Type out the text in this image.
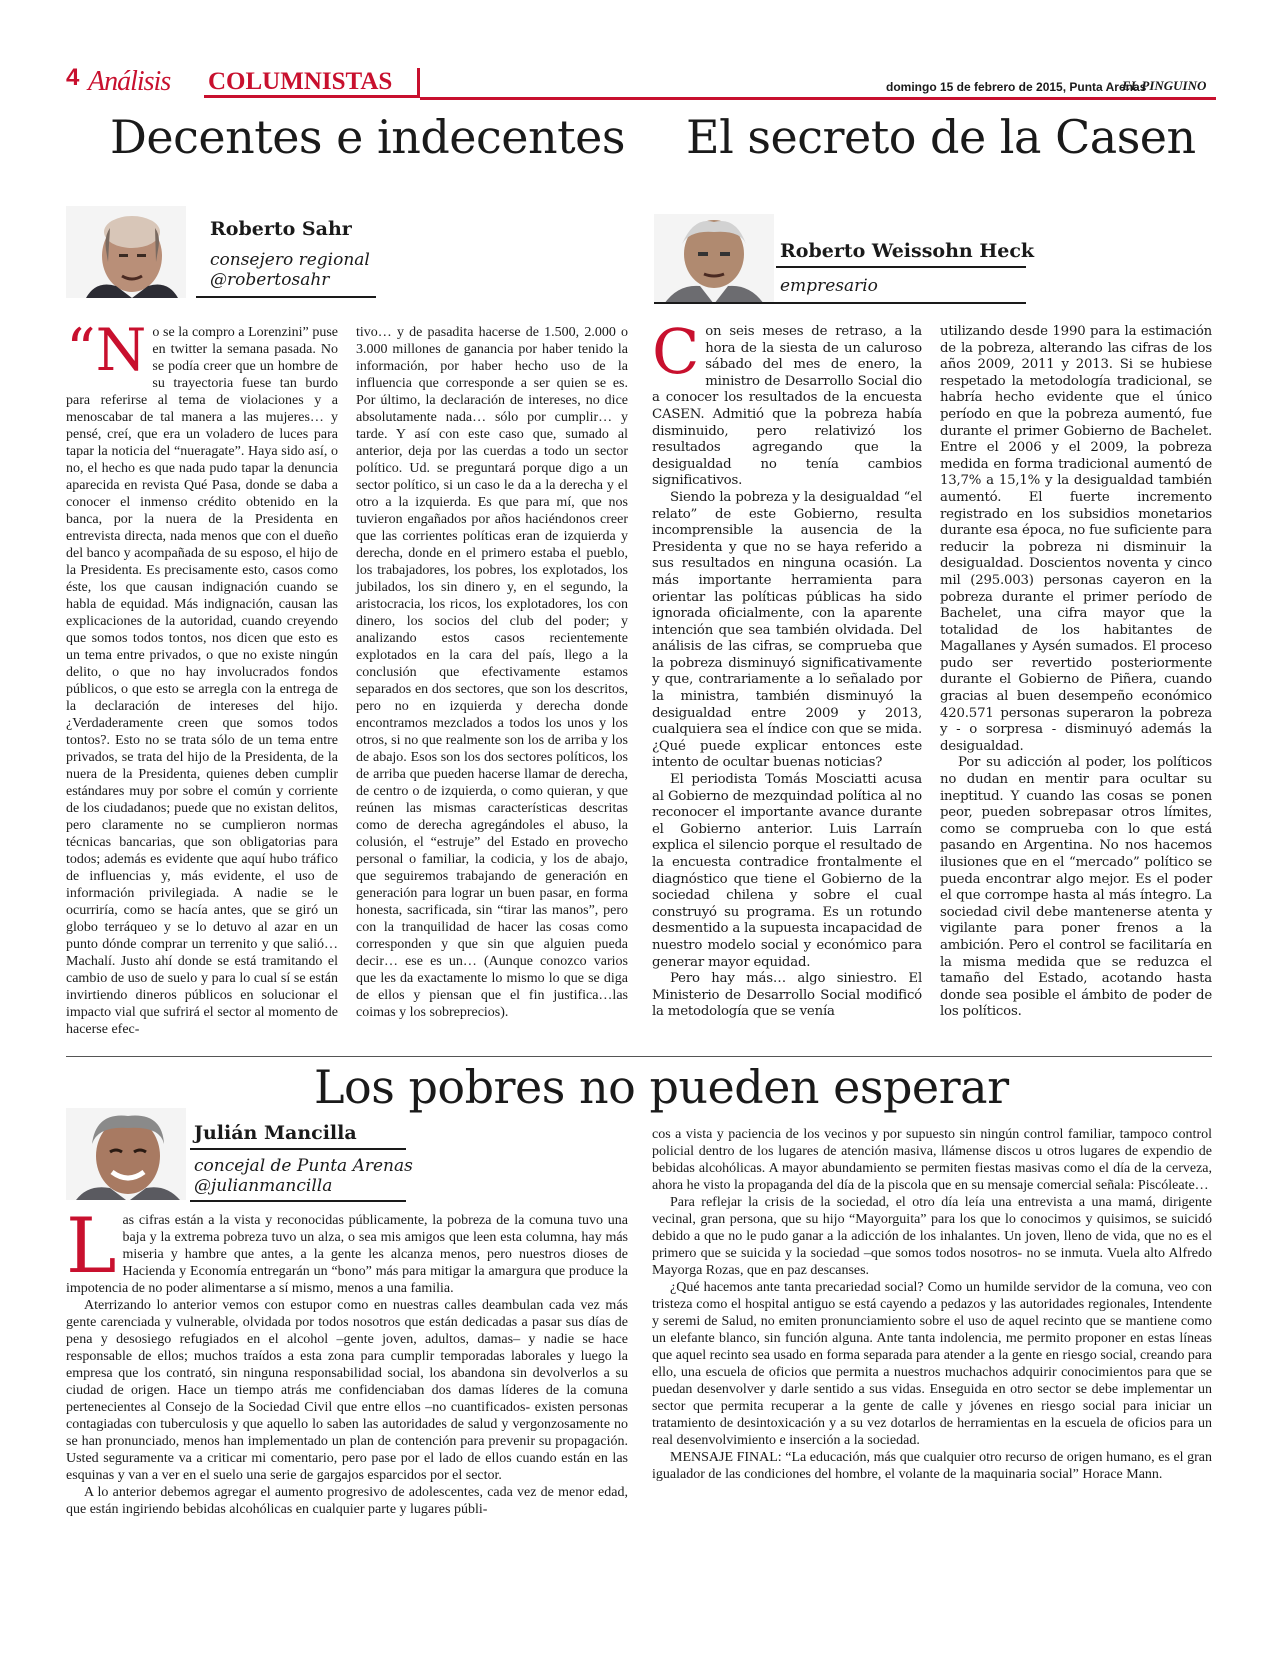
4 Análisis COLUMNISTAS	domingo 15 de febrero de 2015, Punta Arenas
EL PINGUINO
Decentes e indecentes
Roberto Sahr
consejero regional
@robertosahr
“N o se la compro a Lorenzini” puse en twitter la semana pasada. No se podía creer que un hombre de su trayectoria fuese tan burdo para referirse al tema de violaciones y a menoscabar de tal manera a las mujeres… y pensé, creí, que era un voladero de luces para tapar la noticia del “nueragate”. Haya sido así, o no, el hecho es que nada pudo tapar la denuncia aparecida en revista Qué Pasa, donde se daba a conocer el inmenso crédito obtenido en la banca, por la nuera de la Presidenta en entrevista directa, nada menos que con el dueño del banco y acompañada de su esposo, el hijo de la Presidenta. Es precisamente esto, casos como éste, los que causan indignación cuando se habla de equidad. Más indignación, causan las explicaciones de la autoridad, cuando creyendo que somos todos tontos, nos dicen que esto es un tema entre privados, o que no existe ningún delito, o que no hay involucrados fondos públicos, o que esto se arregla con la entrega de la declaración de intereses del hijo. ¿Verdaderamente creen que somos todos tontos?. Esto no se trata sólo de un tema entre privados, se trata del hijo de la Presidenta, de la nuera de la Presidenta, quienes deben cumplir estándares muy por sobre el común y corriente de los ciudadanos; puede que no existan delitos, pero claramente no se cumplieron normas técnicas bancarias, que son obligatorias para todos; además es evidente que aquí hubo tráfico de influencias y, más evidente, el uso de información privilegiada. A nadie se le ocurriría, como se hacía antes, que se giró un globo terráqueo y se lo detuvo al azar en un punto dónde comprar un terrenito y que salió… Machalí. Justo ahí donde se está tramitando el cambio de uso de suelo y para lo cual sí se están invirtiendo dineros públicos en solucionar el impacto vial que sufrirá el sector al momento de hacerse efec-

tivo… y de pasadita hacerse de 1.500, 2.000 o 3.000 millones de ganancia por haber tenido la información, por haber hecho uso de la influencia que corresponde a ser quien se es. Por último, la declaración de intereses, no dice absolutamente nada… sólo por cumplir… y tarde. Y así con este caso que, sumado al anterior, deja por las cuerdas a todo un sector político. Ud. se preguntará porque digo a un sector político, si un caso le da a la derecha y el otro a la izquierda. Es que para mí, que nos tuvieron engañados por años haciéndonos creer que las corrientes políticas eran de izquierda y derecha, donde en el primero estaba el pueblo, los trabajadores, los pobres, los explotados, los jubilados, los sin dinero y, en el segundo, la aristocracia, los ricos, los explotadores, los con dinero, los socios del club del poder; y analizando estos casos recientemente explotados en la cara del país, llego a la conclusión que efectivamente estamos separados en dos sectores, que son los descritos, pero no en izquierda y derecha donde encontramos mezclados a todos los unos y los otros, si no que realmente son los de arriba y los de abajo. Esos son los dos sectores políticos, los de arriba que pueden hacerse llamar de derecha, de centro o de izquierda, o como quieran, y que reúnen las mismas características descritas como de derecha agregándoles el abuso, la colusión, el “estruje” del Estado en provecho personal o familiar, la codicia, y los de abajo, que seguiremos trabajando de generación en generación para lograr un buen pasar, en forma honesta, sacrificada, sin “tirar las manos”, pero con la tranquilidad de hacer las cosas como corresponden y que sin que alguien pueda decir… ese es un… (Aunque conozco varios que les da exactamente lo mismo lo que se diga de ellos y piensan que el fin justifica…las coimas y los sobreprecios).

El secreto de la Casen
Roberto Weissohn Heck
empresario
C on seis meses de retraso, a la hora de la siesta de un caluroso sábado del mes de enero, la ministro de Desarrollo Social dio a conocer los resultados de la encuesta CASEN. Admitió que la pobreza había disminuido, pero relativizó los resultados agregando que la desigualdad no tenía cambios significativos.

Siendo la pobreza y la desigualdad “el relato” de este Gobierno, resulta incomprensible la ausencia de la Presidenta y que no se haya referido a sus resultados en ninguna ocasión. La más importante herramienta para orientar las políticas públicas ha sido ignorada oficialmente, con la aparente intención que sea también olvidada. Del análisis de las cifras, se comprueba que la pobreza disminuyó significativamente y que, contrariamente a lo señalado por la ministra, también disminuyó la desigualdad entre 2009 y 2013, cualquiera sea el índice con que se mida. ¿Qué puede explicar entonces este intento de ocultar buenas noticias?

El periodista Tomás Mosciatti acusa al Gobierno de mezquindad política al no reconocer el importante avance durante el Gobierno anterior. Luis Larraín explica el silencio porque el resultado de la encuesta contradice frontalmente el diagnóstico que tiene el Gobierno de la sociedad chilena y sobre el cual construyó su programa. Es un rotundo desmentido a la supuesta incapacidad de nuestro modelo social y económico para generar mayor equidad.

Pero hay más… algo siniestro. El Ministerio de Desarrollo Social modificó la metodología que se venía

utilizando desde 1990 para la estimación de la pobreza, alterando las cifras de los años 2009, 2011 y 2013. Si se hubiese respetado la metodología tradicional, se habría hecho evidente que el único período en que la pobreza aumentó, fue durante el primer Gobierno de Bachelet. Entre el 2006 y el 2009, la pobreza medida en forma tradicional aumentó de 13,7% a 15,1% y la desigualdad también aumentó. El fuerte incremento registrado en los subsidios monetarios durante esa época, no fue suficiente para reducir la pobreza ni disminuir la desigualdad. Doscientos noventa y cinco mil (295.003) personas cayeron en la pobreza durante el primer período de Bachelet, una cifra mayor que la totalidad de los habitantes de Magallanes y Aysén sumados. El proceso pudo ser revertido posteriormente durante el Gobierno de Piñera, cuando gracias al buen desempeño económico 420.571 personas superaron la pobreza y - o sorpresa - disminuyó además la desigualdad.

Por su adicción al poder, los políticos no dudan en mentir para ocultar su ineptitud. Y cuando las cosas se ponen peor, pueden sobrepasar otros límites, como se comprueba con lo que está pasando en Argentina. No nos hacemos ilusiones que en el “mercado” político se pueda encontrar algo mejor. Es el poder el que corrompe hasta al más íntegro. La sociedad civil debe mantenerse atenta y vigilante para poner frenos a la ambición. Pero el control se facilitaría en la misma medida que se reduzca el tamaño del Estado, acotando hasta donde sea posible el ámbito de poder de los políticos.

Los pobres no pueden esperar
Julián Mancilla
concejal de Punta Arenas
@julianmancilla
L as cifras están a la vista y reconocidas públicamente, la pobreza de la comuna tuvo una baja y la extrema pobreza tuvo un alza, o sea mis amigos que leen esta columna, hay más miseria y hambre que antes, a la gente les alcanza menos, pero nuestros dioses de Hacienda y Economía entregarán un “bono” más para mitigar la amargura que produce la impotencia de no poder alimentarse a sí mismo, menos a una familia.

Aterrizando lo anterior vemos con estupor como en nuestras calles deambulan cada vez más gente carenciada y vulnerable, olvidada por todos nosotros que están dedicadas a pasar sus días de pena y desosiego refugiados en el alcohol –gente joven, adultos, damas– y nadie se hace responsable de ellos; muchos traídos a esta zona para cumplir temporadas laborales y luego la empresa que los contrató, sin ninguna responsabilidad social, los abandona sin devolverlos a su ciudad de origen. Hace un tiempo atrás me confidenciaban dos damas líderes de la comuna pertenecientes al Consejo de la Sociedad Civil que entre ellos –no cuantificados- existen personas contagiadas con tuberculosis y que aquello lo saben las autoridades de salud y vergonzosamente no se han pronunciado, menos han implementado un plan de contención para prevenir su propagación. Usted seguramente va a criticar mi comentario, pero pase por el lado de ellos cuando están en las esquinas y van a ver en el suelo una serie de gargajos esparcidos por el sector.

A lo anterior debemos agregar el aumento progresivo de adolescentes, cada vez de menor edad, que están ingiriendo bebidas alcohólicas en cualquier parte y lugares públi-

cos a vista y paciencia de los vecinos y por supuesto sin ningún control familiar, tampoco control policial dentro de los lugares de atención masiva, llámense discos u otros lugares de expendio de bebidas alcohólicas. A mayor abundamiento se permiten fiestas masivas como el día de la cerveza, ahora he visto la propaganda del día de la piscola que en su mensaje comercial señala: Piscóleate…

Para reflejar la crisis de la sociedad, el otro día leía una entrevista a una mamá, dirigente vecinal, gran persona, que su hijo “Mayorguita” para los que lo conocimos y quisimos, se suicidó debido a que no le pudo ganar a la adicción de los inhalantes. Un joven, lleno de vida, que no es el primero que se suicida y la sociedad –que somos todos nosotros- no se inmuta. Vuela alto Alfredo Mayorga Rozas, que en paz descanses.

¿Qué hacemos ante tanta precariedad social? Como un humilde servidor de la comuna, veo con tristeza como el hospital antiguo se está cayendo a pedazos y las autoridades regionales, Intendente y seremi de Salud, no emiten pronunciamiento sobre el uso de aquel recinto que se mantiene como un elefante blanco, sin función alguna. Ante tanta indolencia, me permito proponer en estas líneas que aquel recinto sea usado en forma separada para atender a la gente en riesgo social, creando para ello, una escuela de oficios que permita a nuestros muchachos adquirir conocimientos para que se puedan desenvolver y darle sentido a sus vidas. Enseguida en otro sector se debe implementar un sector que permita recuperar a la gente de calle y jóvenes en riesgo social para iniciar un tratamiento de desintoxicación y a su vez dotarlos de herramientas en la escuela de oficios para un real desenvolvimiento e inserción a la sociedad.

MENSAJE FINAL: “La educación, más que cualquier otro recurso de origen humano, es el gran igualador de las condiciones del hombre, el volante de la maquinaria social” Horace Mann.
